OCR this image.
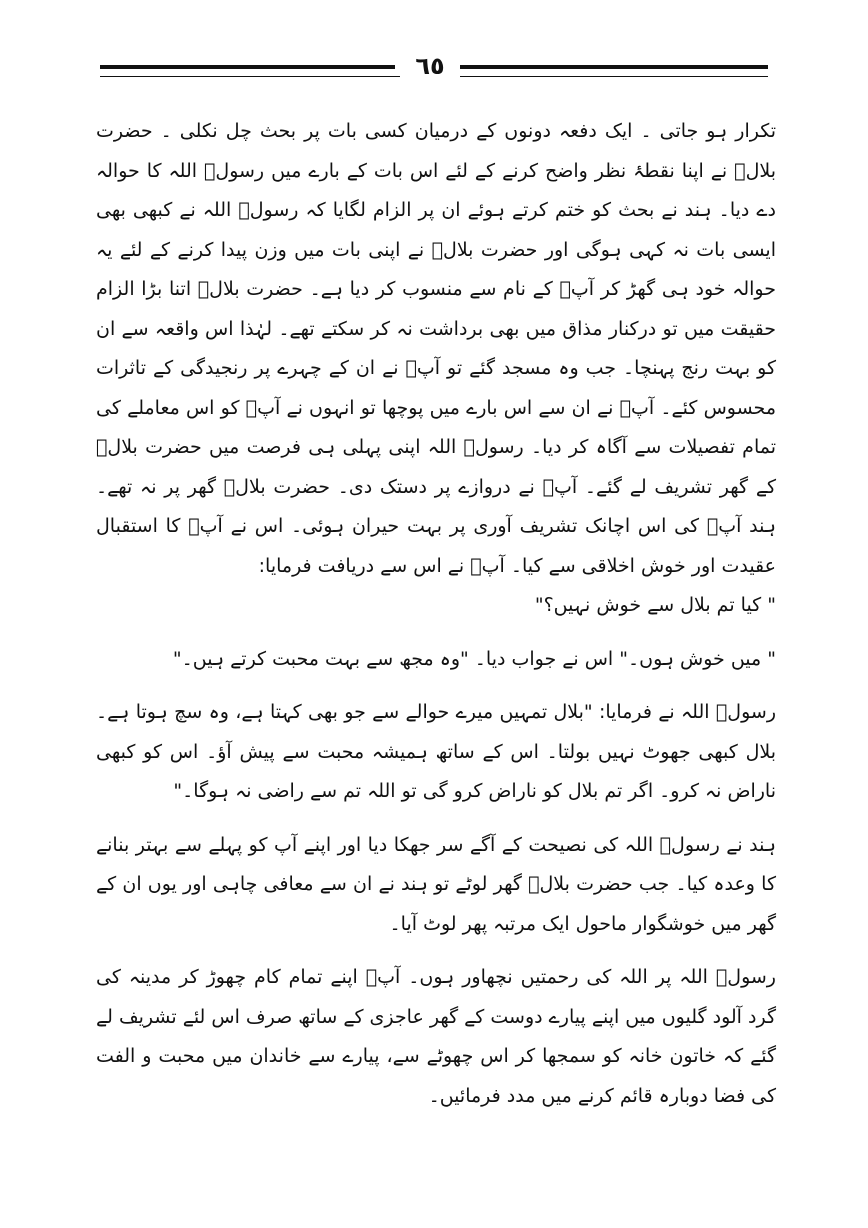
٦٥

تکرار ہو جاتی ۔ ایک دفعہ دونوں کے درمیان کسی بات پر بحث چل نکلی ۔ حضرت بلالؓ نے اپنا نقطۂ نظر واضح کرنے کے لئے اس بات کے بارے میں رسولؐ اللہ کا حوالہ دے دیا۔ ہند نے بحث کو ختم کرتے ہوئے ان پر الزام لگایا کہ رسولؐ اللہ نے کبھی بھی ایسی بات نہ کہی ہوگی اور حضرت بلالؓ نے اپنی بات میں وزن پیدا کرنے کے لئے یہ حوالہ خود ہی گھڑ کر آپؐ کے نام سے منسوب کر دیا ہے۔ حضرت بلالؓ اتنا بڑا الزام حقیقت میں تو درکنار مذاق میں بھی برداشت نہ کر سکتے تھے۔ لہٰذا اس واقعہ سے ان کو بہت رنج پہنچا۔ جب وہ مسجد گئے تو آپؐ نے ان کے چہرے پر رنجیدگی کے تاثرات محسوس کئے۔ آپؐ نے ان سے اس بارے میں پوچھا تو انہوں نے آپؐ کو اس معاملے کی تمام تفصیلات سے آگاہ کر دیا۔ رسولؐ اللہ اپنی پہلی ہی فرصت میں حضرت بلالؓ کے گھر تشریف لے گئے۔ آپؐ نے دروازے پر دستک دی۔ حضرت بلالؓ گھر پر نہ تھے۔ ہند آپؐ کی اس اچانک تشریف آوری پر بہت حیران ہوئی۔ اس نے آپؐ کا استقبال عقیدت اور خوش اخلاقی سے کیا۔ آپؐ نے اس سے دریافت فرمایا:

" کیا تم بلال سے خوش نہیں؟"

" میں خوش ہوں۔" اس نے جواب دیا۔ "وہ مجھ سے بہت محبت کرتے ہیں۔"

رسولؐ اللہ نے فرمایا: "بلال تمہیں میرے حوالے سے جو بھی کہتا ہے، وہ سچ ہوتا ہے۔ بلال کبھی جھوٹ نہیں بولتا۔ اس کے ساتھ ہمیشہ محبت سے پیش آؤ۔ اس کو کبھی ناراض نہ کرو۔ اگر تم بلال کو ناراض کرو گی تو اللہ تم سے راضی نہ ہوگا۔"

ہند نے رسولؐ اللہ کی نصیحت کے آگے سر جھکا دیا اور اپنے آپ کو پہلے سے بہتر بنانے کا وعدہ کیا۔ جب حضرت بلالؓ گھر لوٹے تو ہند نے ان سے معافی چاہی اور یوں ان کے گھر میں خوشگوار ماحول ایک مرتبہ پھر لوٹ آیا۔

رسولؐ اللہ پر اللہ کی رحمتیں نچھاور ہوں۔ آپؐ اپنے تمام کام چھوڑ کر مدینہ کی گرد آلود گلیوں میں اپنے پیارے دوست کے گھر عاجزی کے ساتھ صرف اس لئے تشریف لے گئے کہ خاتون خانہ کو سمجھا کر اس چھوٹے سے، پیارے سے خاندان میں محبت و الفت کی فضا دوبارہ قائم کرنے میں مدد فرمائیں۔
